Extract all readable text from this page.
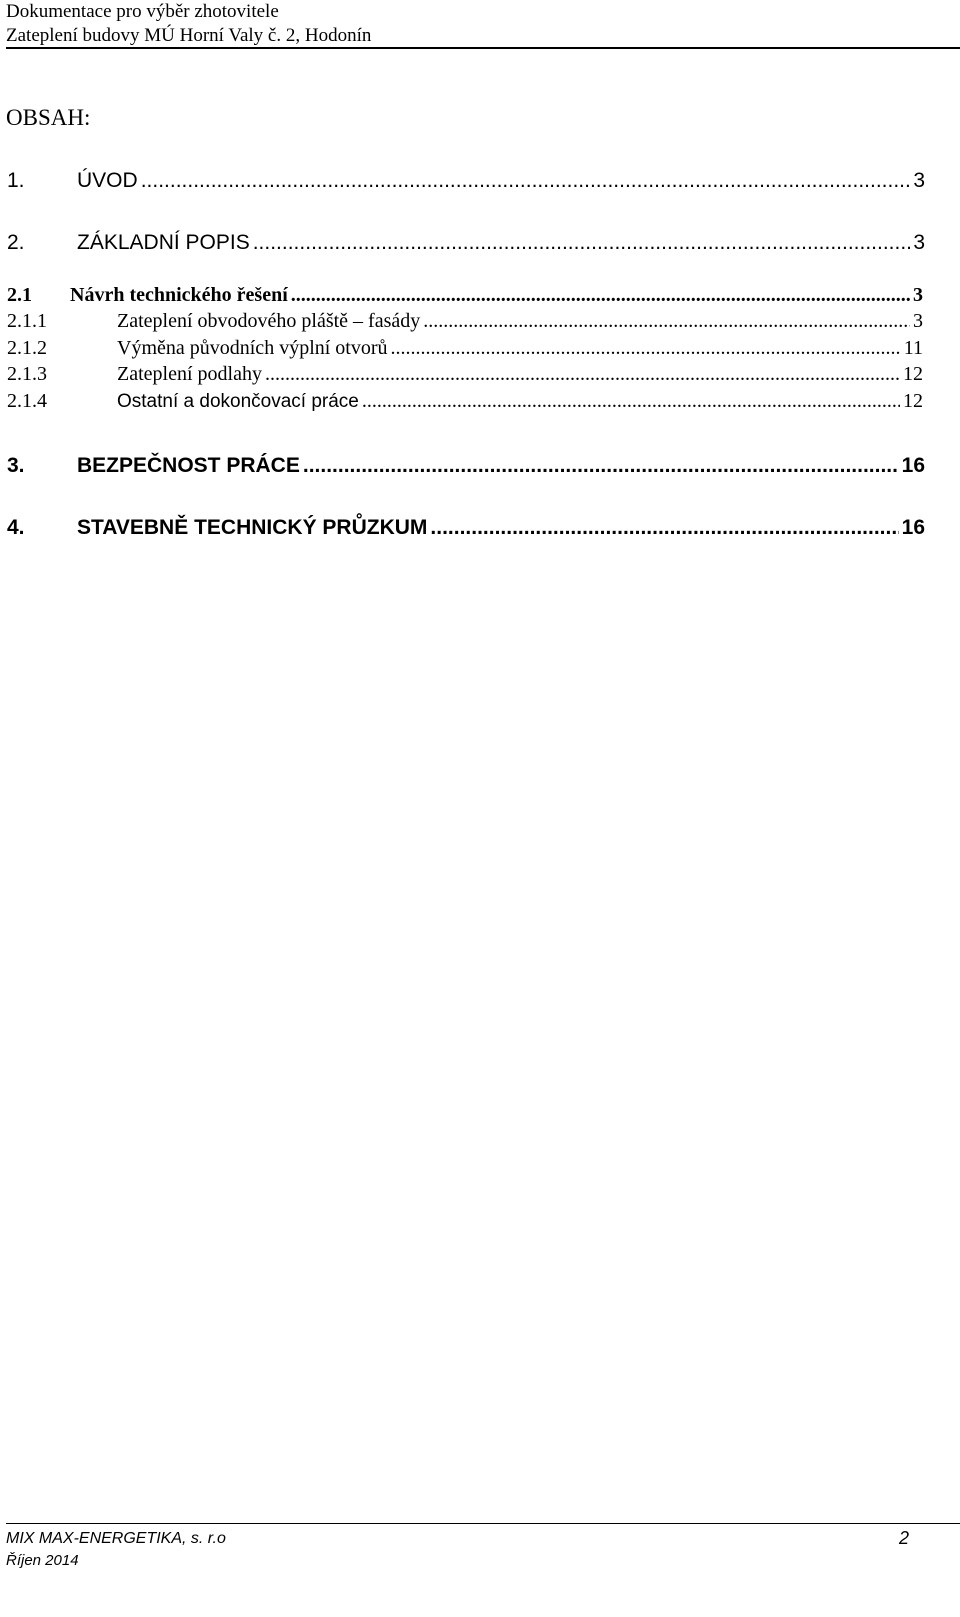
Dokumentace pro výběr zhotovitele
Zateplení budovy MÚ Horní Valy č. 2, Hodonín
OBSAH:
1.	ÚVOD .....	3
2.	ZÁKLADNÍ POPIS .....	3
2.1	Návrh technického řešení .....	3
2.1.1	Zateplení obvodového pláště – fasády .....	3
2.1.2	Výměna původních výplní otvorů .....	11
2.1.3	Zateplení podlahy .....	12
2.1.4	Ostatní a dokončovací práce .....	12
3.	BEZPEČNOST PRÁCE .....	16
4.	STAVEBNĚ TECHNICKÝ PRŮZKUM .....	16
MIX MAX-ENERGETIKA, s. r.o	2
Říjen 2014
